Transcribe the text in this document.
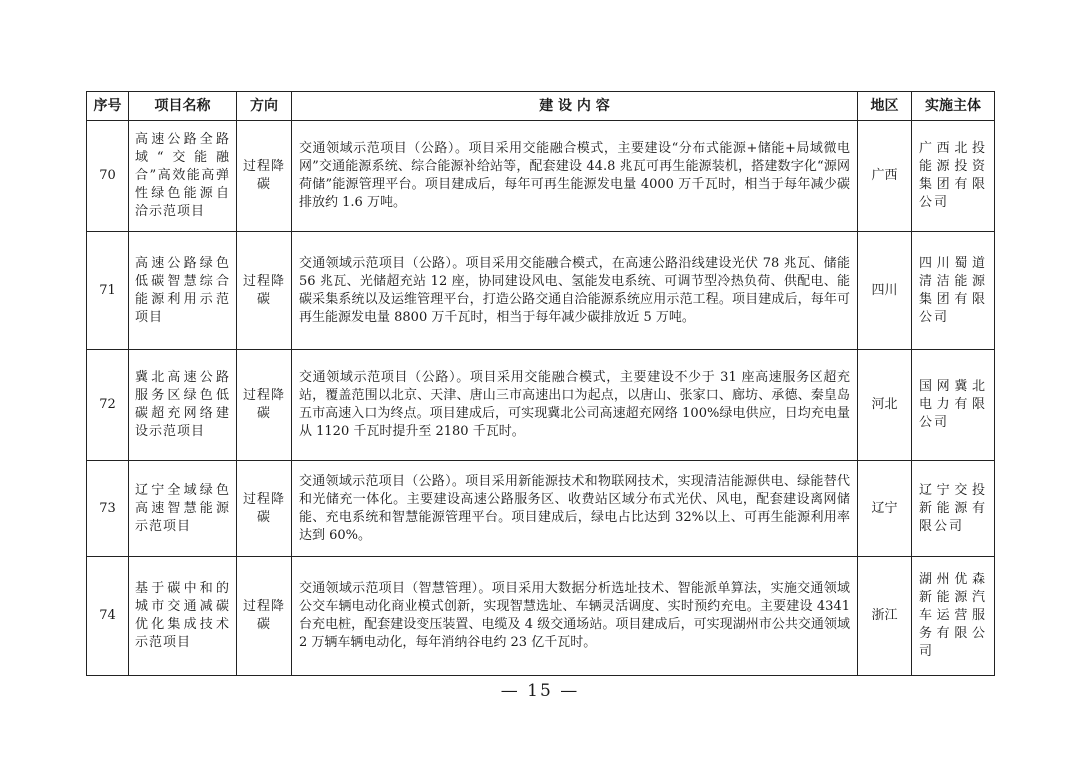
序号	项目名称	方向	建 设 内 容	地区	实施主体
70	高速公路全路域“交能融合”高效能高弹性绿色能源自洽示范项目	过程降碳	交通领域示范项目（公路）。项目采用交能融合模式，主要建设“分布式能源+储能+局域微电网”交通能源系统、综合能源补给站等，配套建设 44.8 兆瓦可再生能源装机，搭建数字化“源网荷储”能源管理平台。项目建成后，每年可再生能源发电量 4000 万千瓦时，相当于每年减少碳排放约 1.6 万吨。	广西	广西北投能源投资集团有限公司
71	高速公路绿色低碳智慧综合能源利用示范项目	过程降碳	交通领域示范项目（公路）。项目采用交能融合模式，在高速公路沿线建设光伏 78 兆瓦、储能 56 兆瓦、光储超充站 12 座，协同建设风电、氢能发电系统、可调节型冷热负荷、供配电、能碳采集系统以及运维管理平台，打造公路交通自洽能源系统应用示范工程。项目建成后，每年可再生能源发电量 8800 万千瓦时，相当于每年减少碳排放近 5 万吨。	四川	四川蜀道清洁能源集团有限公司
72	冀北高速公路服务区绿色低碳超充网络建设示范项目	过程降碳	交通领域示范项目（公路）。项目采用交能融合模式，主要建设不少于 31 座高速服务区超充站，覆盖范围以北京、天津、唐山三市高速出口为起点，以唐山、张家口、廊坊、承德、秦皇岛五市高速入口为终点。项目建成后，可实现冀北公司高速超充网络 100%绿电供应，日均充电量从 1120 千瓦时提升至 2180 千瓦时。	河北	国网冀北电力有限公司
73	辽宁全域绿色高速智慧能源示范项目	过程降碳	交通领域示范项目（公路）。项目采用新能源技术和物联网技术，实现清洁能源供电、绿能替代和光储充一体化。主要建设高速公路服务区、收费站区域分布式光伏、风电，配套建设离网储能、充电系统和智慧能源管理平台。项目建成后，绿电占比达到 32%以上、可再生能源利用率达到 60%。	辽宁	辽宁交投新能源有限公司
74	基于碳中和的城市交通减碳优化集成技术示范项目	过程降碳	交通领域示范项目（智慧管理）。项目采用大数据分析选址技术、智能派单算法，实施交通领域公交车辆电动化商业模式创新，实现智慧选址、车辆灵活调度、实时预约充电。主要建设 4341 台充电桩，配套建设变压装置、电缆及 4 级交通场站。项目建成后，可实现湖州市公共交通领域 2 万辆车辆电动化，每年消纳谷电约 23 亿千瓦时。	浙江	湖州优森新能源汽车运营服务有限公司
— 15 —
